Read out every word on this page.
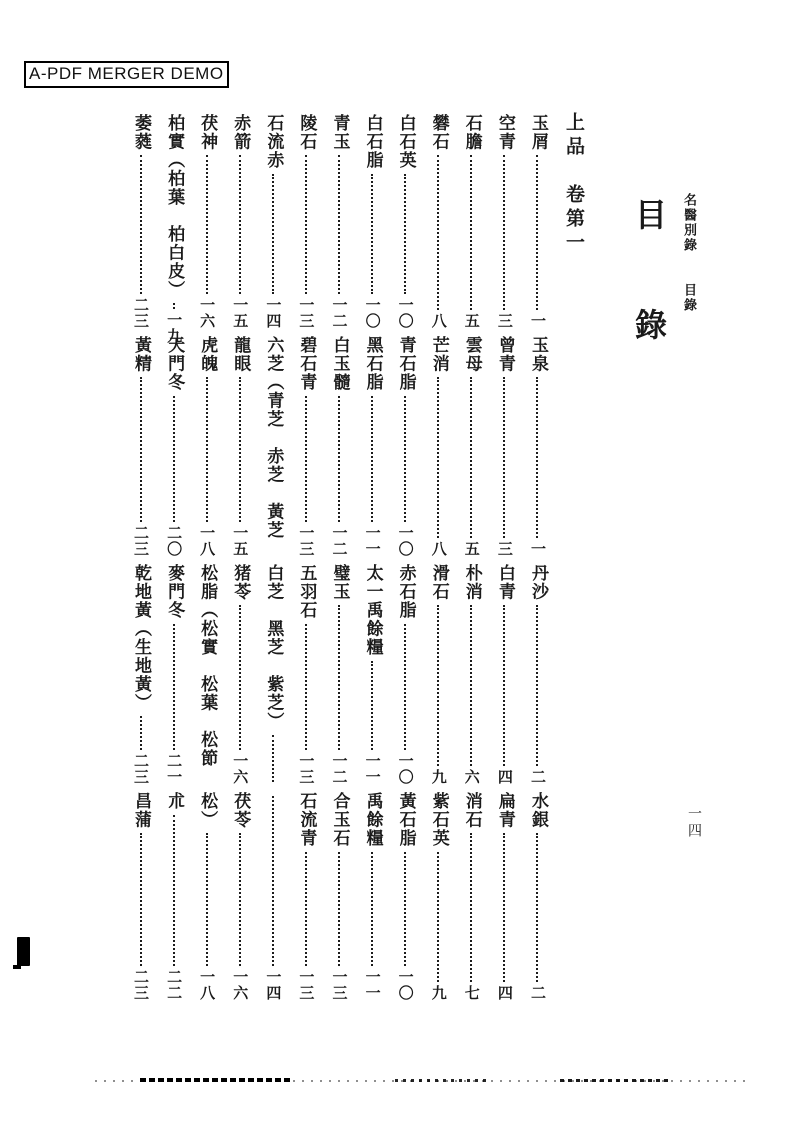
A-PDF MERGER DEMO
名醫別錄　　目錄
目錄
上品　卷第一
一四
玉屑
一
玉泉
一
丹沙
二
水銀
二
空青
三
曾青
三
白青
四
扁青
四
石膽
五
雲母
五
朴消
六
消石
七
礬石
八
芒消
八
滑石
九
紫石英
九
白石英
一〇
青石脂
一〇
赤石脂
一〇
黃石脂
一〇
白石脂
一〇
黑石脂
一一
太一禹餘糧
一一
禹餘糧
一一
青玉
一二
白玉髓
一二
璧玉
一二
合玉石
一三
陵石
一三
碧石青
一三
五羽石
一三
石流青
一三
石流赤
一四
六芝︵青芝　赤芝　黃芝
白芝　黑芝　紫芝︶
一四
赤箭
一五
龍眼
一五
猪苓
一六
茯苓
一六
茯神
一六
虎魄
一八
松脂︵松實　松葉　松節
松︶
一八
柏實︵柏葉　柏白皮︶
一九
天門冬
二〇
麥門冬
二一
朮
二二
萎蕤
二三
黃精
二三
乾地黃︵生地黃︶
二三
昌蒲
二三
